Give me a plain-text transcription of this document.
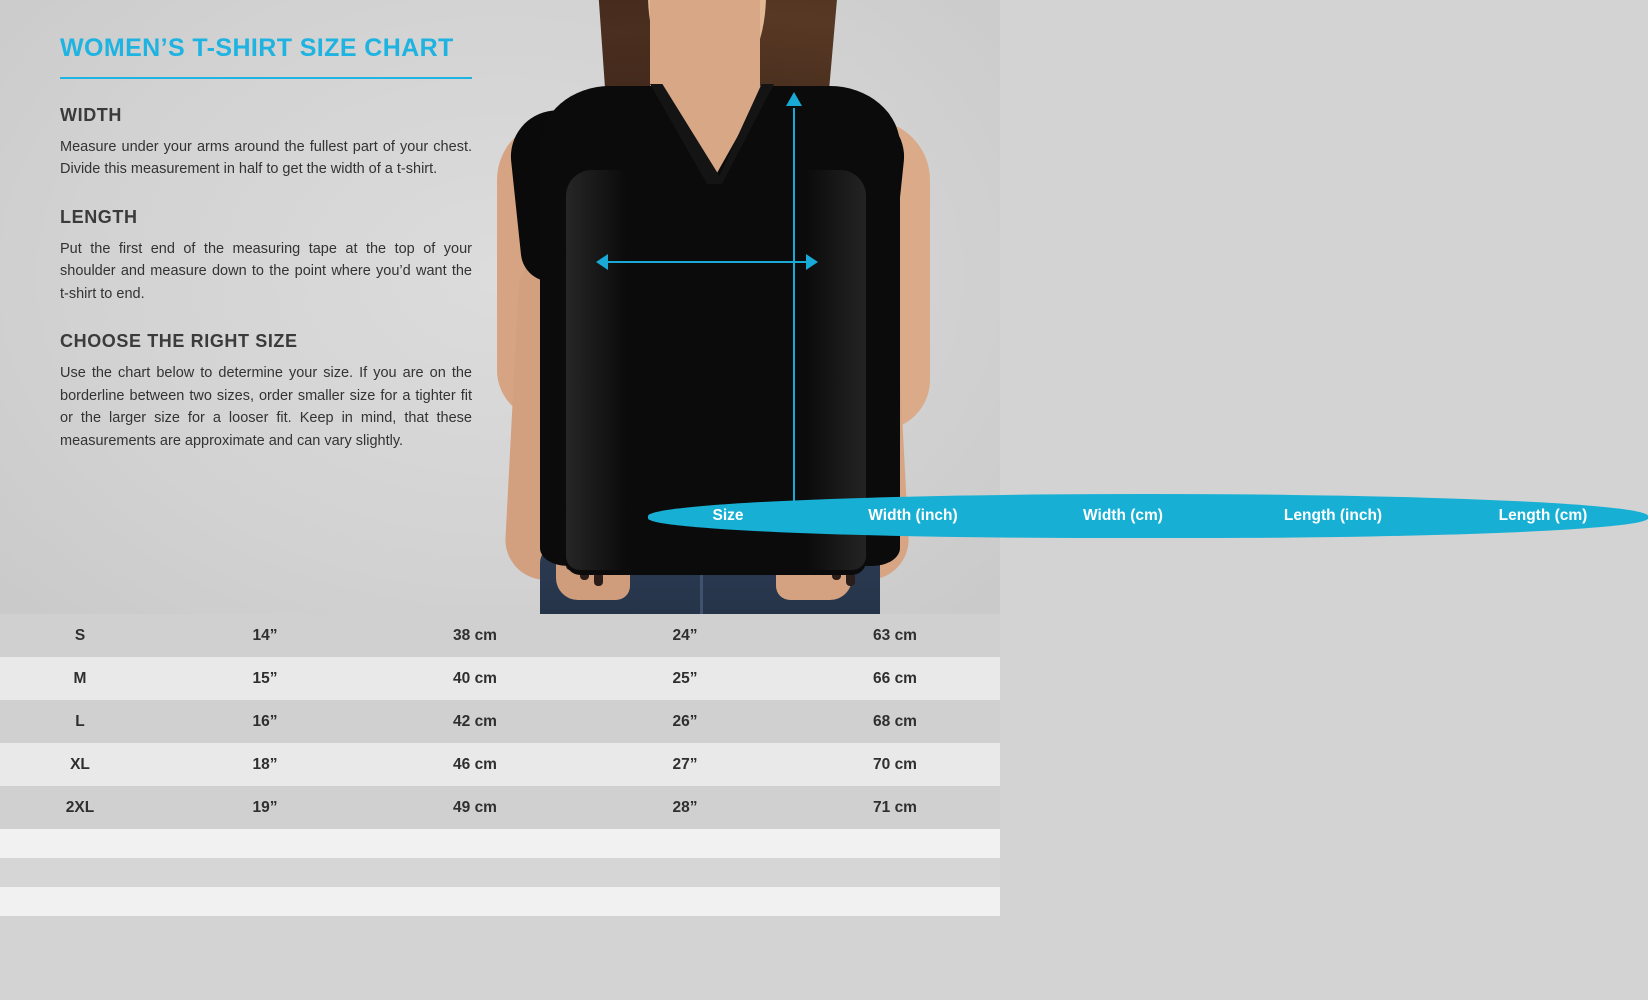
WOMEN’S T-SHIRT SIZE CHART
WIDTH

Measure under your arms around the fullest part of your chest. Divide this measurement in half to get the width of a t-shirt.

LENGTH

Put the first end of the measuring tape at the top of your shoulder and measure down to the point where you’d want the t-shirt to end.

CHOOSE THE RIGHT SIZE

Use the chart below to determine your size. If you are on the borderline between two sizes, order smaller size for a tighter fit or the larger size for a looser fit. Keep in mind, that these measurements are approximate and can vary slightly.

Size	Width (inch)	Width (cm)	Length (inch)	Length (cm)
S	14”	38 cm	24”	63 cm
M	15”	40 cm	25”	66 cm
L	16”	42 cm	26”	68 cm
XL	18”	46 cm	27”	70 cm
2XL	19”	49 cm	28”	71 cm
